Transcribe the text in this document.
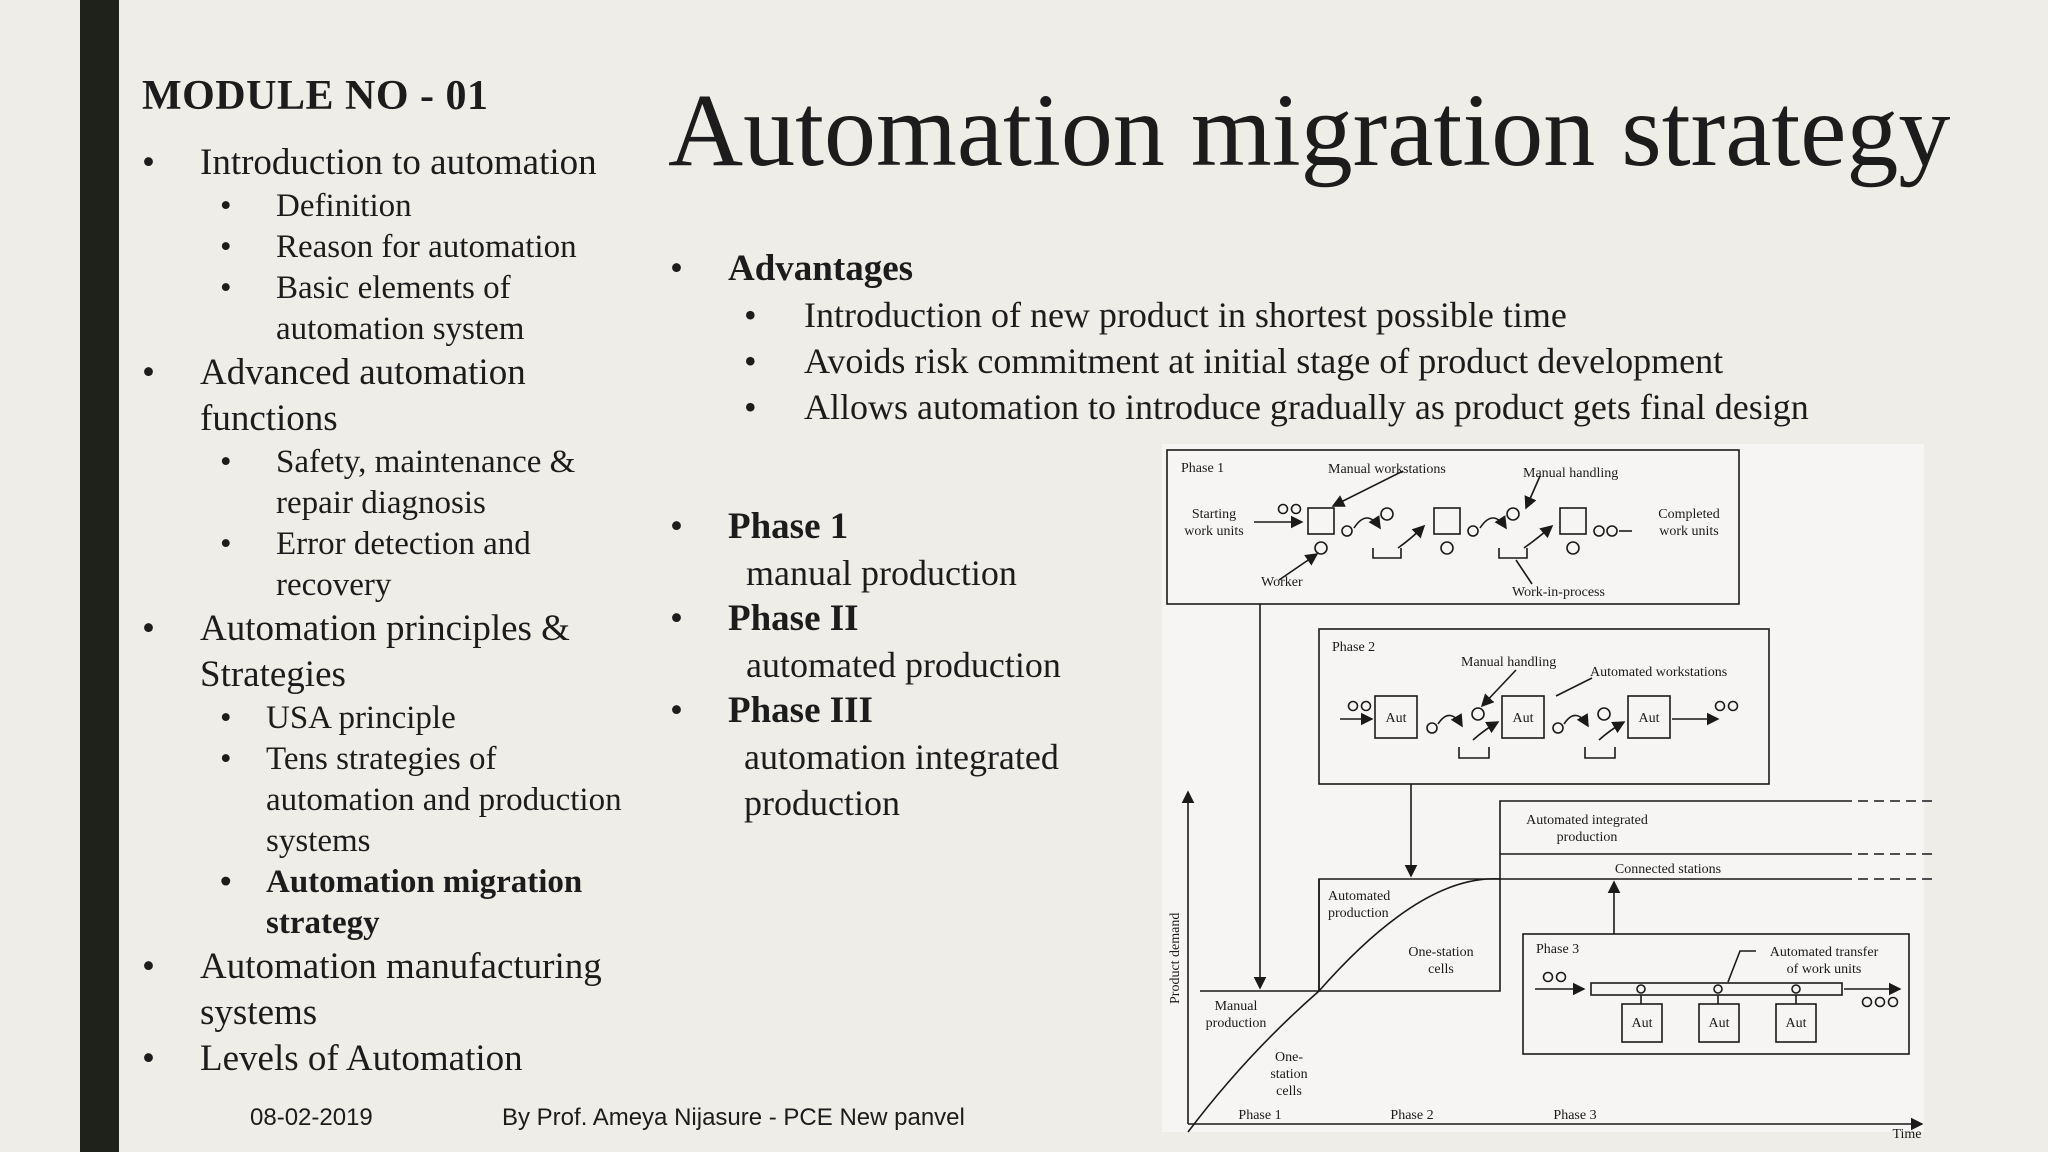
MODULE NO - 01
• Introduction to automation
• Definition
• Reason for automation
• Basic elements of
automation system
• Advanced automation
functions
• Safety, maintenance &
repair diagnosis
• Error detection and
recovery
• Automation principles &
Strategies
• USA principle
• Tens strategies of
automation and production
systems
• Automation migration
strategy
• Automation manufacturing
systems
• Levels of Automation
Automation migration strategy
• Advantages
• Introduction of new product in shortest possible time
• Avoids risk commitment at initial stage of product development
• Allows automation to introduce gradually as product gets final design
• Phase 1
manual production
• Phase II
automated production
• Phase III
automation integrated
production
08-02-2019	By Prof. Ameya Nijasure - PCE New panvel
Phase 1	Manual workstations	Manual handling
Starting work units
Completed work units
Worker
Work-in-process
Phase 2
Manual handling
Automated workstations
Aut	Aut	Aut
Phase 3	Automated transfer of work units
Aut	Aut	Aut
Product demand
Time
Phase 1	Phase 2	Phase 3
Manual production
One-station cells
Automated production
One-station cells
Automated integrated production
Connected stations
